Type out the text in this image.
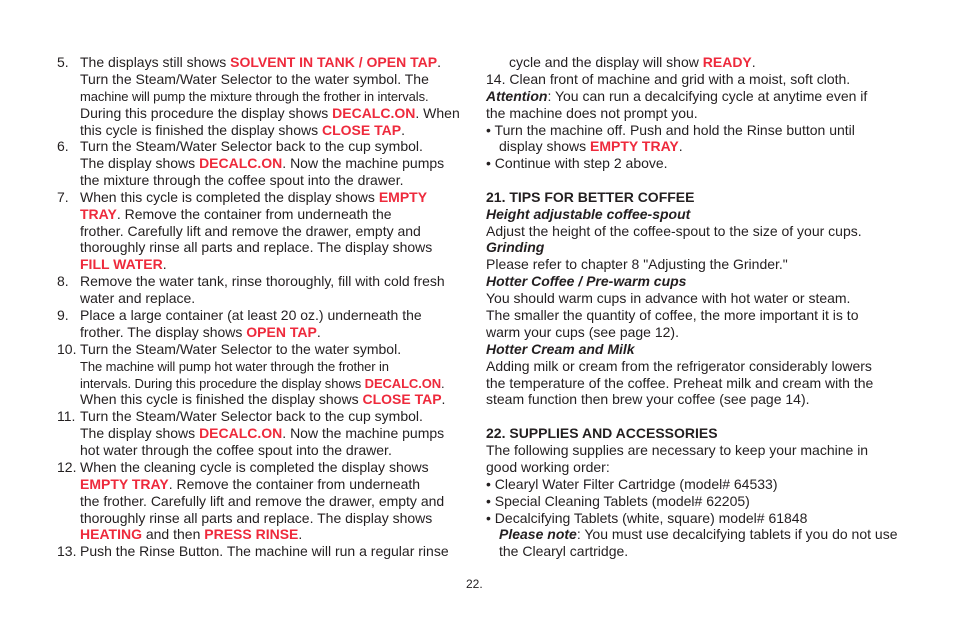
5. The displays still shows SOLVENT IN TANK / OPEN TAP.
Turn the Steam/Water Selector to the water symbol. The
machine will pump the mixture through the frother in intervals.
During this procedure the display shows DECALC.ON. When
this cycle is finished the display shows CLOSE TAP.
6. Turn the Steam/Water Selector back to the cup symbol.
The display shows DECALC.ON. Now the machine pumps
the mixture through the coffee spout into the drawer.
7. When this cycle is completed the display shows EMPTY
TRAY. Remove the container from underneath the
frother. Carefully lift and remove the drawer, empty and
thoroughly rinse all parts and replace. The display shows
FILL WATER.
8. Remove the water tank, rinse thoroughly, fill with cold fresh
water and replace.
9. Place a large container (at least 20 oz.) underneath the
frother. The display shows OPEN TAP.
10. Turn the Steam/Water Selector to the water symbol.
The machine will pump hot water through the frother in
intervals. During this procedure the display shows DECALC.ON.
When this cycle is finished the display shows CLOSE TAP.
11. Turn the Steam/Water Selector back to the cup symbol.
The display shows DECALC.ON. Now the machine pumps
hot water through the coffee spout into the drawer.
12. When the cleaning cycle is completed the display shows
EMPTY TRAY. Remove the container from underneath
the frother. Carefully lift and remove the drawer, empty and
thoroughly rinse all parts and replace. The display shows
HEATING and then PRESS RINSE.
13. Push the Rinse Button. The machine will run a regular rinse
cycle and the display will show READY.
14. Clean front of machine and grid with a moist, soft cloth.
Attention: You can run a decalcifying cycle at anytime even if
the machine does not prompt you.
• Turn the machine off. Push and hold the Rinse button until
display shows EMPTY TRAY.
• Continue with step 2 above.
21. TIPS FOR BETTER COFFEE
Height adjustable coffee-spout
Adjust the height of the coffee-spout to the size of your cups.
Grinding
Please refer to chapter 8 "Adjusting the Grinder."
Hotter Coffee / Pre-warm cups
You should warm cups in advance with hot water or steam.
The smaller the quantity of coffee, the more important it is to
warm your cups (see page 12).
Hotter Cream and Milk
Adding milk or cream from the refrigerator considerably lowers
the temperature of the coffee. Preheat milk and cream with the
steam function then brew your coffee (see page 14).
22. SUPPLIES AND ACCESSORIES
The following supplies are necessary to keep your machine in
good working order:
• Clearyl Water Filter Cartridge (model# 64533)
• Special Cleaning Tablets (model# 62205)
• Decalcifying Tablets (white, square) model# 61848
Please note: You must use decalcifying tablets if you do not use
the Clearyl cartridge.
22.
